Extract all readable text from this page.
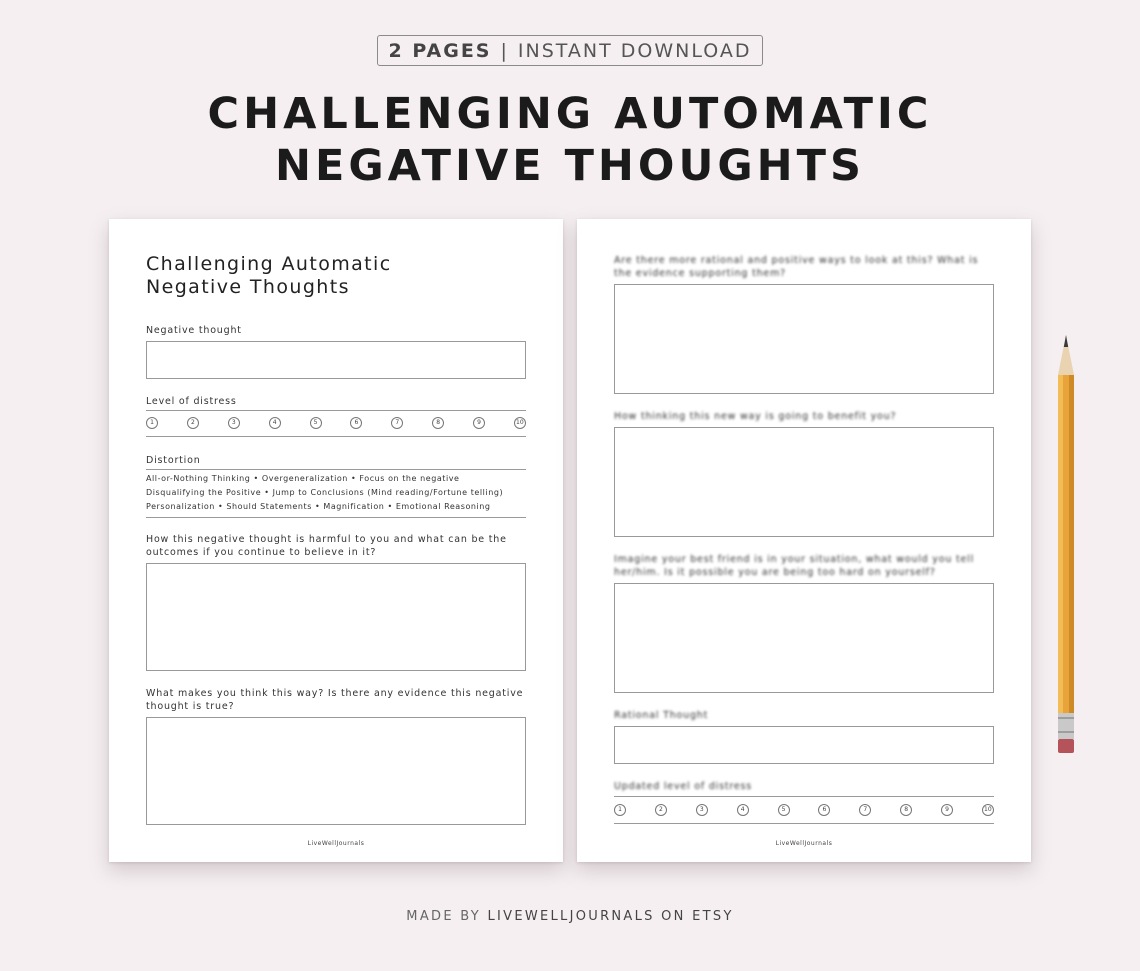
2 PAGES | INSTANT DOWNLOAD
CHALLENGING AUTOMATIC
NEGATIVE THOUGHTS
Challenging Automatic
Negative Thoughts
Negative thought
Level of distress
1	2	3	4	5	6	7	8	9	10
Distortion
All-or-Nothing Thinking • Overgeneralization • Focus on the negative
Disqualifying the Positive • Jump to Conclusions (Mind reading/Fortune telling)
Personalization • Should Statements • Magnification • Emotional Reasoning
How this negative thought is harmful to you and what can be the outcomes if you continue to believe in it?
What makes you think this way? Is there any evidence this negative thought is true?
LiveWellJournals
Are there more rational and positive ways to look at this? What is the evidence supporting them?
How thinking this new way is going to benefit you?
Imagine your best friend is in your situation, what would you tell her/him. Is it possible you are being too hard on yourself?
Rational Thought
Updated level of distress
1	2	3	4	5	6	7	8	9	10
LiveWellJournals
MADE BY LIVEWELLJOURNALS ON ETSY
